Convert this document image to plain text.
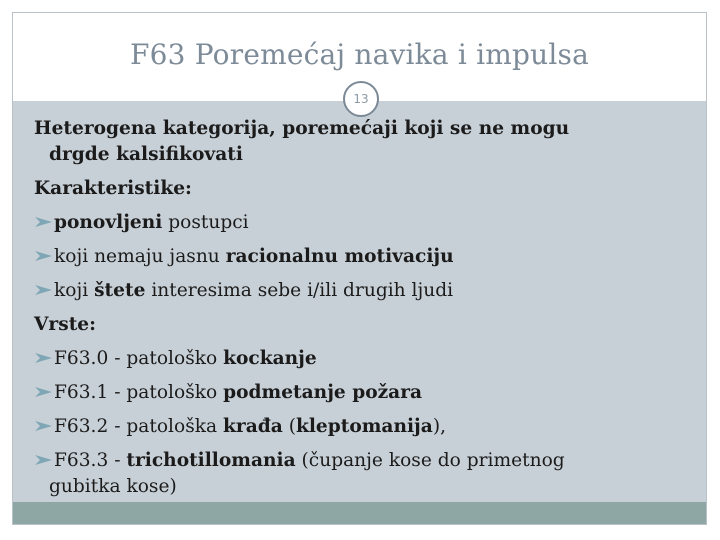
F63 Poremećaj navika i impulsa
13
Heterogena kategorija, poremećaji koji se ne mogu
drgde kalsifikovati
Karakteristike:
ponovljeni postupci
koji nemaju jasnu racionalnu motivaciju
koji štete interesima sebe i/ili drugih ljudi
Vrste:
F63.0 - patološko kockanje
F63.1 - patološko podmetanje požara
F63.2 - patološka krađa (kleptomanija),
F63.3 - trichotillomania (čupanje kose do primetnog
gubitka kose)
